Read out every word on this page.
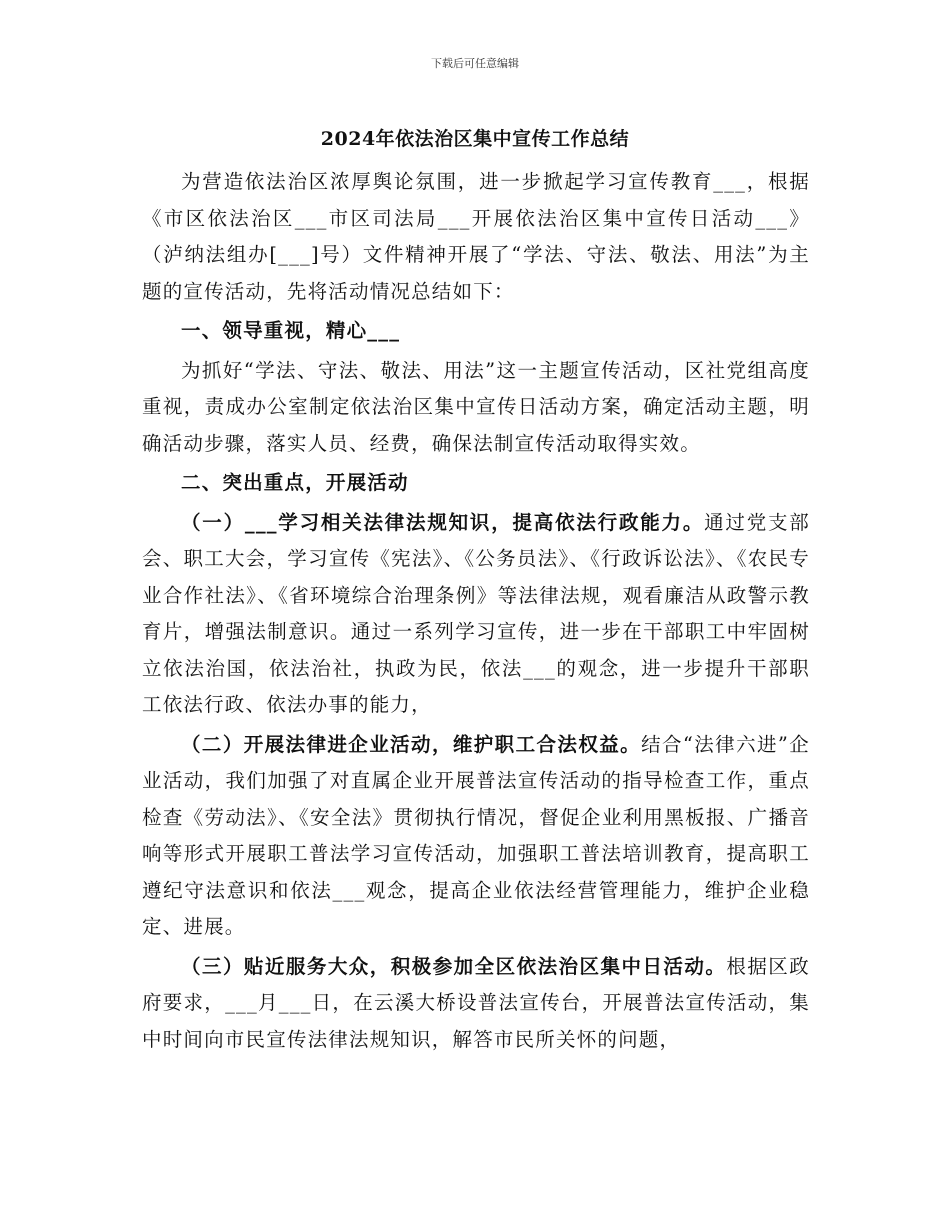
下载后可任意编辑
2024年依法治区集中宣传工作总结

为营造依法治区浓厚舆论氛围，进一步掀起学习宣传教育___，根据《市区依法治区___市区司法局___开展依法治区集中宣传日活动___》（泸纳法组办[___]号）文件精神开展了“学法、守法、敬法、用法”为主题的宣传活动，先将活动情况总结如下：

一、领导重视，精心___

为抓好“学法、守法、敬法、用法”这一主题宣传活动，区社党组高度重视，责成办公室制定依法治区集中宣传日活动方案，确定活动主题，明确活动步骤，落实人员、经费，确保法制宣传活动取得实效。

二、突出重点，开展活动

（一）___学习相关法律法规知识，提高依法行政能力。通过党支部会、职工大会，学习宣传《宪法》、《公务员法》、《行政诉讼法》、《农民专业合作社法》、《省环境综合治理条例》等法律法规，观看廉洁从政警示教育片，增强法制意识。通过一系列学习宣传，进一步在干部职工中牢固树立依法治国，依法治社，执政为民，依法___的观念，进一步提升干部职工依法行政、依法办事的能力，

（二）开展法律进企业活动，维护职工合法权益。结合“法律六进”企业活动，我们加强了对直属企业开展普法宣传活动的指导检查工作，重点检查《劳动法》、《安全法》贯彻执行情况，督促企业利用黑板报、广播音响等形式开展职工普法学习宣传活动，加强职工普法培训教育，提高职工遵纪守法意识和依法___观念，提高企业依法经营管理能力，维护企业稳定、进展。

（三）贴近服务大众，积极参加全区依法治区集中日活动。根据区政府要求，___月___日，在云溪大桥设普法宣传台，开展普法宣传活动，集中时间向市民宣传法律法规知识，解答市民所关怀的问题，
